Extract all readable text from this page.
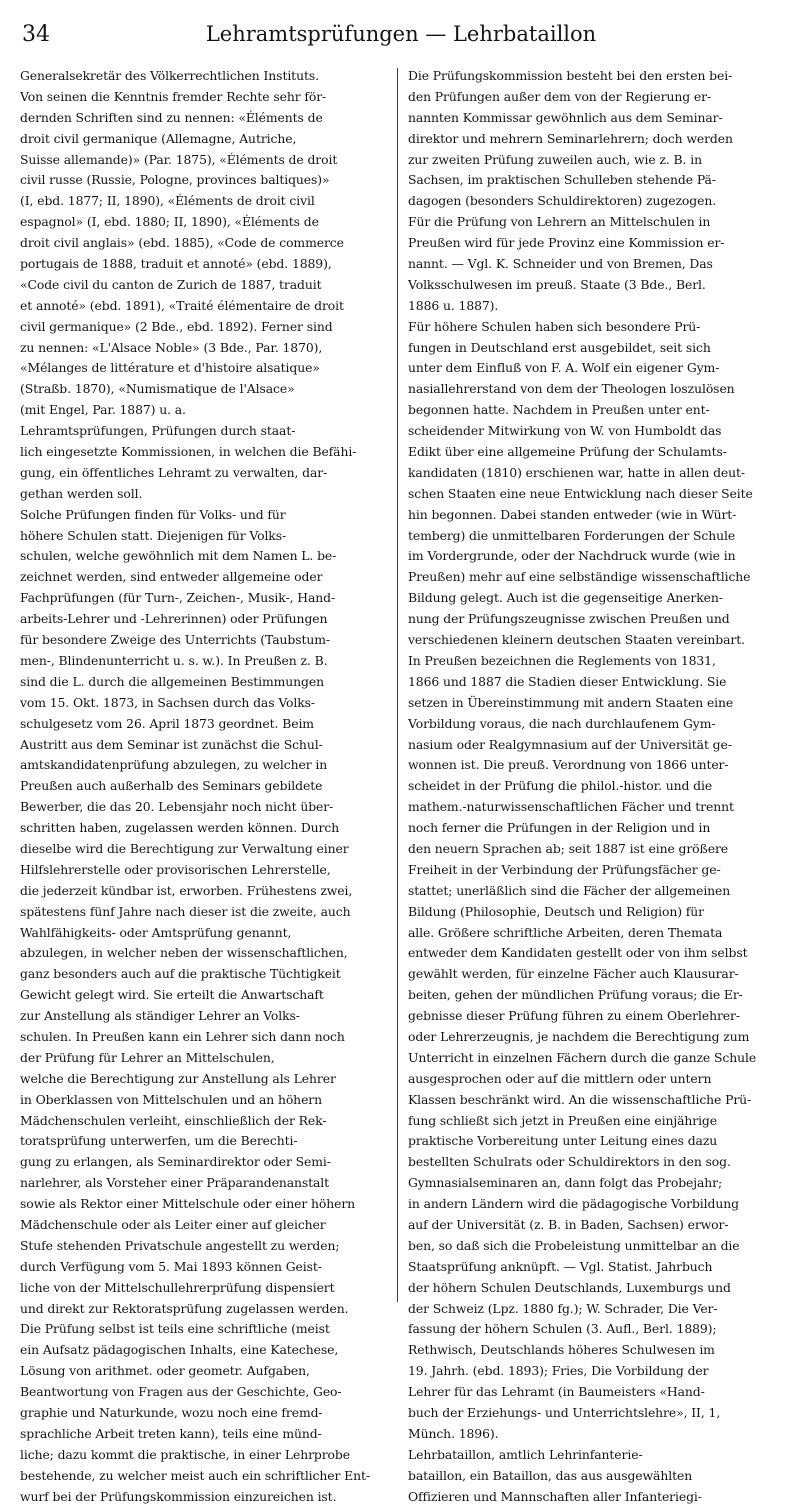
34	Lehramtsprüfungen — Lehrbataillon
Generalsekretär des Völkerrechtlichen Instituts.
Von seinen die Kenntnis fremder Rechte sehr för-
dernden Schriften sind zu nennen: «Éléments de
droit civil germanique (Allemagne, Autriche,
Suisse allemande)» (Par. 1875), «Éléments de droit
civil russe (Russie, Pologne, provinces baltiques)»
(I, ebd. 1877; II, 1890), «Éléments de droit civil
espagnol» (I, ebd. 1880; II, 1890), «Éléments de
droit civil anglais» (ebd. 1885), «Code de commerce
portugais de 1888, traduit et annoté» (ebd. 1889),
«Code civil du canton de Zurich de 1887, traduit
et annoté» (ebd. 1891), «Traité élémentaire de droit
civil germanique» (2 Bde., ebd. 1892). Ferner sind
zu nennen: «L'Alsace Noble» (3 Bde., Par. 1870),
«Mélanges de littérature et d'histoire alsatique»
(Straßb. 1870), «Numismatique de l'Alsace»
(mit Engel, Par. 1887) u. a.
Lehramtsprüfungen, Prüfungen durch staat-
lich eingesetzte Kommissionen, in welchen die Befähi-
gung, ein öffentliches Lehramt zu verwalten, dar-
gethan werden soll.
Solche Prüfungen finden für Volks- und für
höhere Schulen statt. Diejenigen für Volks-
schulen, welche gewöhnlich mit dem Namen L. be-
zeichnet werden, sind entweder allgemeine oder
Fachprüfungen (für Turn-, Zeichen-, Musik-, Hand-
arbeits-Lehrer und -Lehrerinnen) oder Prüfungen
für besondere Zweige des Unterrichts (Taubstum-
men-, Blindenunterricht u. s. w.). In Preußen z. B.
sind die L. durch die allgemeinen Bestimmungen
vom 15. Okt. 1873, in Sachsen durch das Volks-
schulgesetz vom 26. April 1873 geordnet. Beim
Austritt aus dem Seminar ist zunächst die Schul-
amtskandidatenprüfung abzulegen, zu welcher in
Preußen auch außerhalb des Seminars gebildete
Bewerber, die das 20. Lebensjahr noch nicht über-
schritten haben, zugelassen werden können. Durch
dieselbe wird die Berechtigung zur Verwaltung einer
Hilfslehrerstelle oder provisorischen Lehrerstelle,
die jederzeit kündbar ist, erworben. Frühestens zwei,
spätestens fünf Jahre nach dieser ist die zweite, auch
Wahlfähigkeits- oder Amtsprüfung genannt,
abzulegen, in welcher neben der wissenschaftlichen,
ganz besonders auch auf die praktische Tüchtigkeit
Gewicht gelegt wird. Sie erteilt die Anwartschaft
zur Anstellung als ständiger Lehrer an Volks-
schulen. In Preußen kann ein Lehrer sich dann noch
der Prüfung für Lehrer an Mittelschulen,
welche die Berechtigung zur Anstellung als Lehrer
in Oberklassen von Mittelschulen und an höhern
Mädchenschulen verleiht, einschließlich der Rek-
toratsprüfung unterwerfen, um die Berechti-
gung zu erlangen, als Seminardirektor oder Semi-
narlehrer, als Vorsteher einer Präparandenanstalt
sowie als Rektor einer Mittelschule oder einer höhern
Mädchenschule oder als Leiter einer auf gleicher
Stufe stehenden Privatschule angestellt zu werden;
durch Verfügung vom 5. Mai 1893 können Geist-
liche von der Mittelschullehrerprüfung dispensiert
und direkt zur Rektoratsprüfung zugelassen werden.
Die Prüfung selbst ist teils eine schriftliche (meist
ein Aufsatz pädagogischen Inhalts, eine Katechese,
Lösung von arithmet. oder geometr. Aufgaben,
Beantwortung von Fragen aus der Geschichte, Geo-
graphie und Naturkunde, wozu noch eine fremd-
sprachliche Arbeit treten kann), teils eine münd-
liche; dazu kommt die praktische, in einer Lehrprobe
bestehende, zu welcher meist auch ein schriftlicher Ent-
wurf bei der Prüfungskommission einzureichen ist.
Die Prüfungskommission besteht bei den ersten bei-
den Prüfungen außer dem von der Regierung er-
nannten Kommissar gewöhnlich aus dem Seminar-
direktor und mehrern Seminarlehrern; doch werden
zur zweiten Prüfung zuweilen auch, wie z. B. in
Sachsen, im praktischen Schulleben stehende Pä-
dagogen (besonders Schuldirektoren) zugezogen.
Für die Prüfung von Lehrern an Mittelschulen in
Preußen wird für jede Provinz eine Kommission er-
nannt. — Vgl. K. Schneider und von Bremen, Das
Volksschulwesen im preuß. Staate (3 Bde., Berl.
1886 u. 1887).
Für höhere Schulen haben sich besondere Prü-
fungen in Deutschland erst ausgebildet, seit sich
unter dem Einfluß von F. A. Wolf ein eigener Gym-
nasiallehrerstand von dem der Theologen loszulösen
begonnen hatte. Nachdem in Preußen unter ent-
scheidender Mitwirkung von W. von Humboldt das
Edikt über eine allgemeine Prüfung der Schulamts-
kandidaten (1810) erschienen war, hatte in allen deut-
schen Staaten eine neue Entwicklung nach dieser Seite
hin begonnen. Dabei standen entweder (wie in Würt-
temberg) die unmittelbaren Forderungen der Schule
im Vordergrunde, oder der Nachdruck wurde (wie in
Preußen) mehr auf eine selbständige wissenschaftliche
Bildung gelegt. Auch ist die gegenseitige Anerken-
nung der Prüfungszeugnisse zwischen Preußen und
verschiedenen kleinern deutschen Staaten vereinbart.
In Preußen bezeichnen die Reglements von 1831,
1866 und 1887 die Stadien dieser Entwicklung. Sie
setzen in Übereinstimmung mit andern Staaten eine
Vorbildung voraus, die nach durchlaufenem Gym-
nasium oder Realgymnasium auf der Universität ge-
wonnen ist. Die preuß. Verordnung von 1866 unter-
scheidet in der Prüfung die philol.-histor. und die
mathem.-naturwissenschaftlichen Fächer und trennt
noch ferner die Prüfungen in der Religion und in
den neuern Sprachen ab; seit 1887 ist eine größere
Freiheit in der Verbindung der Prüfungsfächer ge-
stattet; unerläßlich sind die Fächer der allgemeinen
Bildung (Philosophie, Deutsch und Religion) für
alle. Größere schriftliche Arbeiten, deren Themata
entweder dem Kandidaten gestellt oder von ihm selbst
gewählt werden, für einzelne Fächer auch Klausurar-
beiten, gehen der mündlichen Prüfung voraus; die Er-
gebnisse dieser Prüfung führen zu einem Oberlehrer-
oder Lehrerzeugnis, je nachdem die Berechtigung zum
Unterricht in einzelnen Fächern durch die ganze Schule
ausgesprochen oder auf die mittlern oder untern
Klassen beschränkt wird. An die wissenschaftliche Prü-
fung schließt sich jetzt in Preußen eine einjährige
praktische Vorbereitung unter Leitung eines dazu
bestellten Schulrats oder Schuldirektors in den sog.
Gymnasialseminaren an, dann folgt das Probejahr;
in andern Ländern wird die pädagogische Vorbildung
auf der Universität (z. B. in Baden, Sachsen) erwor-
ben, so daß sich die Probeleistung unmittelbar an die
Staatsprüfung anknüpft. — Vgl. Statist. Jahrbuch
der höhern Schulen Deutschlands, Luxemburgs und
der Schweiz (Lpz. 1880 fg.); W. Schrader, Die Ver-
fassung der höhern Schulen (3. Aufl., Berl. 1889);
Rethwisch, Deutschlands höheres Schulwesen im
19. Jahrh. (ebd. 1893); Fries, Die Vorbildung der
Lehrer für das Lehramt (in Baumeisters «Hand-
buch der Erziehungs- und Unterrichtslehre», II, 1,
Münch. 1896).
Lehrbataillon, amtlich Lehrinfanterie-
bataillon, ein Bataillon, das aus ausgewählten
Offizieren und Mannschaften aller Infanteriegi-
